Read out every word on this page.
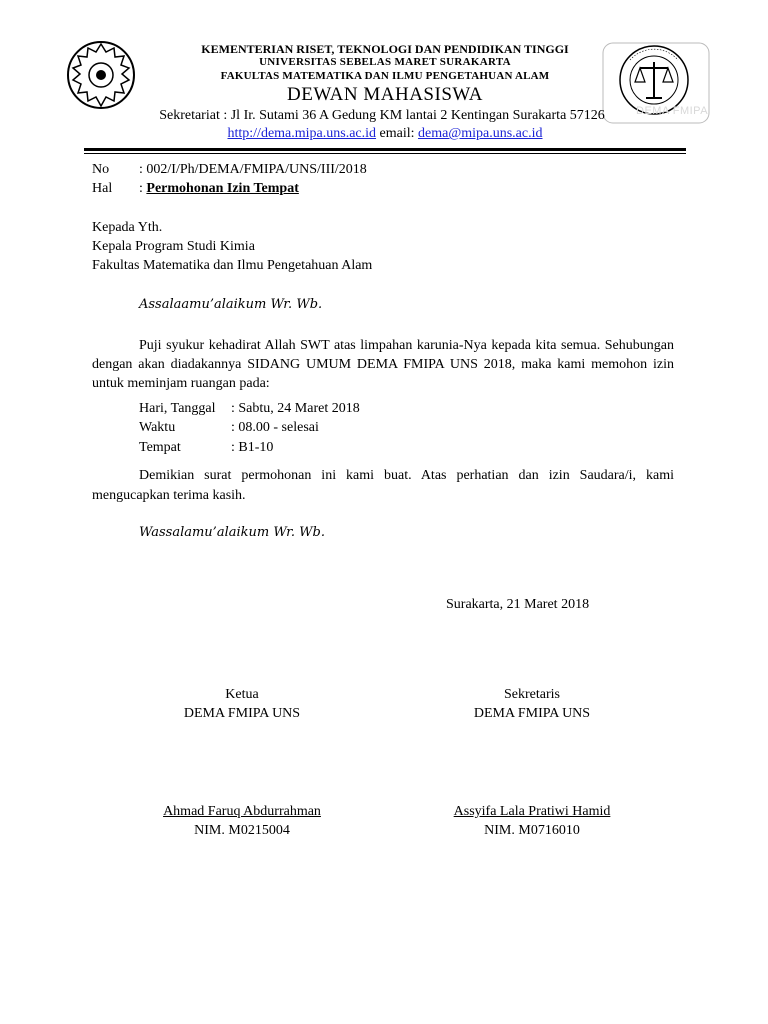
DEMA FMIPA
KEMENTERIAN RISET, TEKNOLOGI DAN PENDIDIKAN TINGGI
UNIVERSITAS SEBELAS MARET SURAKARTA
FAKULTAS MATEMATIKA DAN ILMU PENGETAHUAN ALAM
DEWAN MAHASISWA
Sekretariat : Jl Ir. Sutami 36 A Gedung KM lantai 2 Kentingan Surakarta 57126
http://dema.mipa.uns.ac.id email: dema@mipa.uns.ac.id
No : 002/I/Ph/DEMA/FMIPA/UNS/III/2018
Hal : Permohonan Izin Tempat
Kepada Yth.
Kepala Program Studi Kimia
Fakultas Matematika dan Ilmu Pengetahuan Alam
Assalaamu’alaikum Wr. Wb.
Puji syukur kehadirat Allah SWT atas limpahan karunia-Nya kepada kita semua. Sehubungan dengan akan diadakannya SIDANG UMUM DEMA FMIPA UNS 2018, maka kami memohon izin untuk meminjam ruangan pada:
Hari, Tanggal : Sabtu, 24 Maret 2018
Waktu	: 08.00 - selesai
Tempat	: B1-10
Demikian surat permohonan ini kami buat. Atas perhatian dan izin Saudara/i, kami mengucapkan terima kasih.
Wassalamu’alaikum Wr. Wb.
Surakarta, 21 Maret 2018
Ketua
DEMA FMIPA UNS
Ahmad Faruq Abdurrahman
NIM. M0215004
Sekretaris
DEMA FMIPA UNS
Assyifa Lala Pratiwi Hamid
NIM. M0716010
